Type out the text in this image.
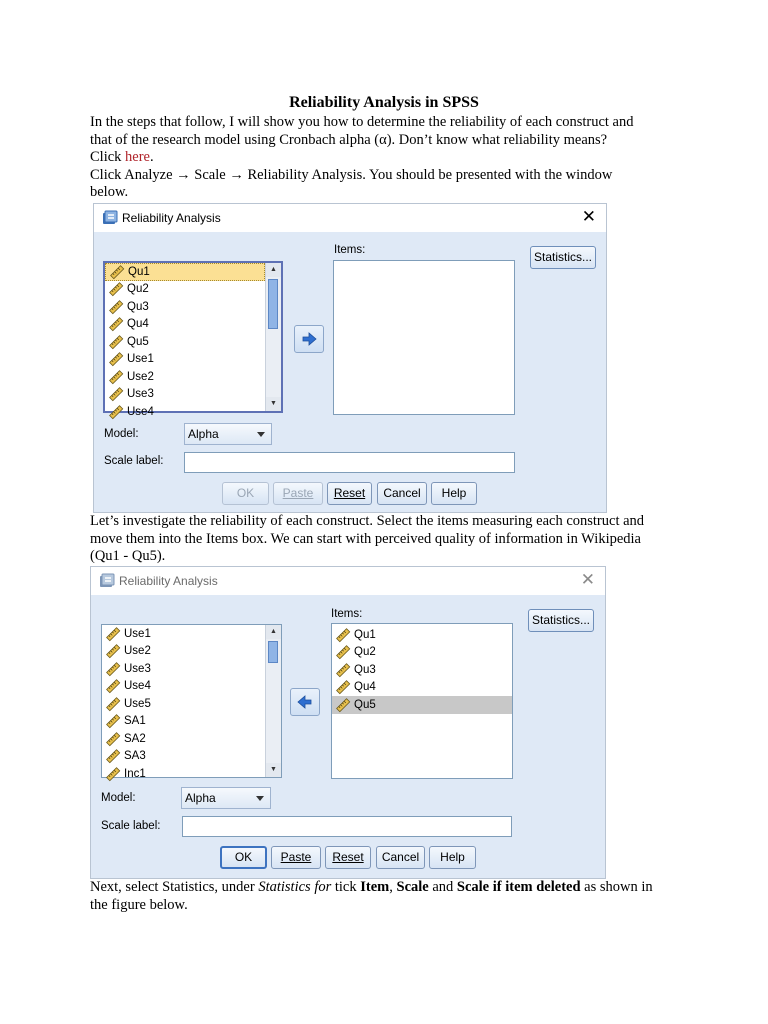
Reliability Analysis in SPSS

In the steps that follow, I will show you how to determine the reliability of each construct and
that of the research model using Cronbach alpha (α). Don’t know what reliability means?
Click here.
Click Analyze → Scale → Reliability Analysis. You should be presented with the window
below.

Reliability Analysis	✕
Qu1
Qu2
Qu3
Qu4
Qu5
Use1
Use2
Use3
Use4
▲
▼
Items:	Statistics...
Model:	Alpha
Scale label:
OK	Paste	Reset	Cancel	Help

Let’s investigate the reliability of each construct. Select the items measuring each construct and
move them into the Items box. We can start with perceived quality of information in Wikipedia
(Qu1 - Qu5).

Reliability Analysis	✕
Use1
Use2
Use3
Use4
Use5
SA1
SA2
SA3
Inc1
▲
▼
Items:
Qu1
Qu2
Qu3
Qu4
Qu5
Statistics...
Model:	Alpha
Scale label:
OK	Paste	Reset	Cancel	Help

Next, select Statistics, under Statistics for tick Item, Scale and Scale if item deleted as shown in
the figure below.
